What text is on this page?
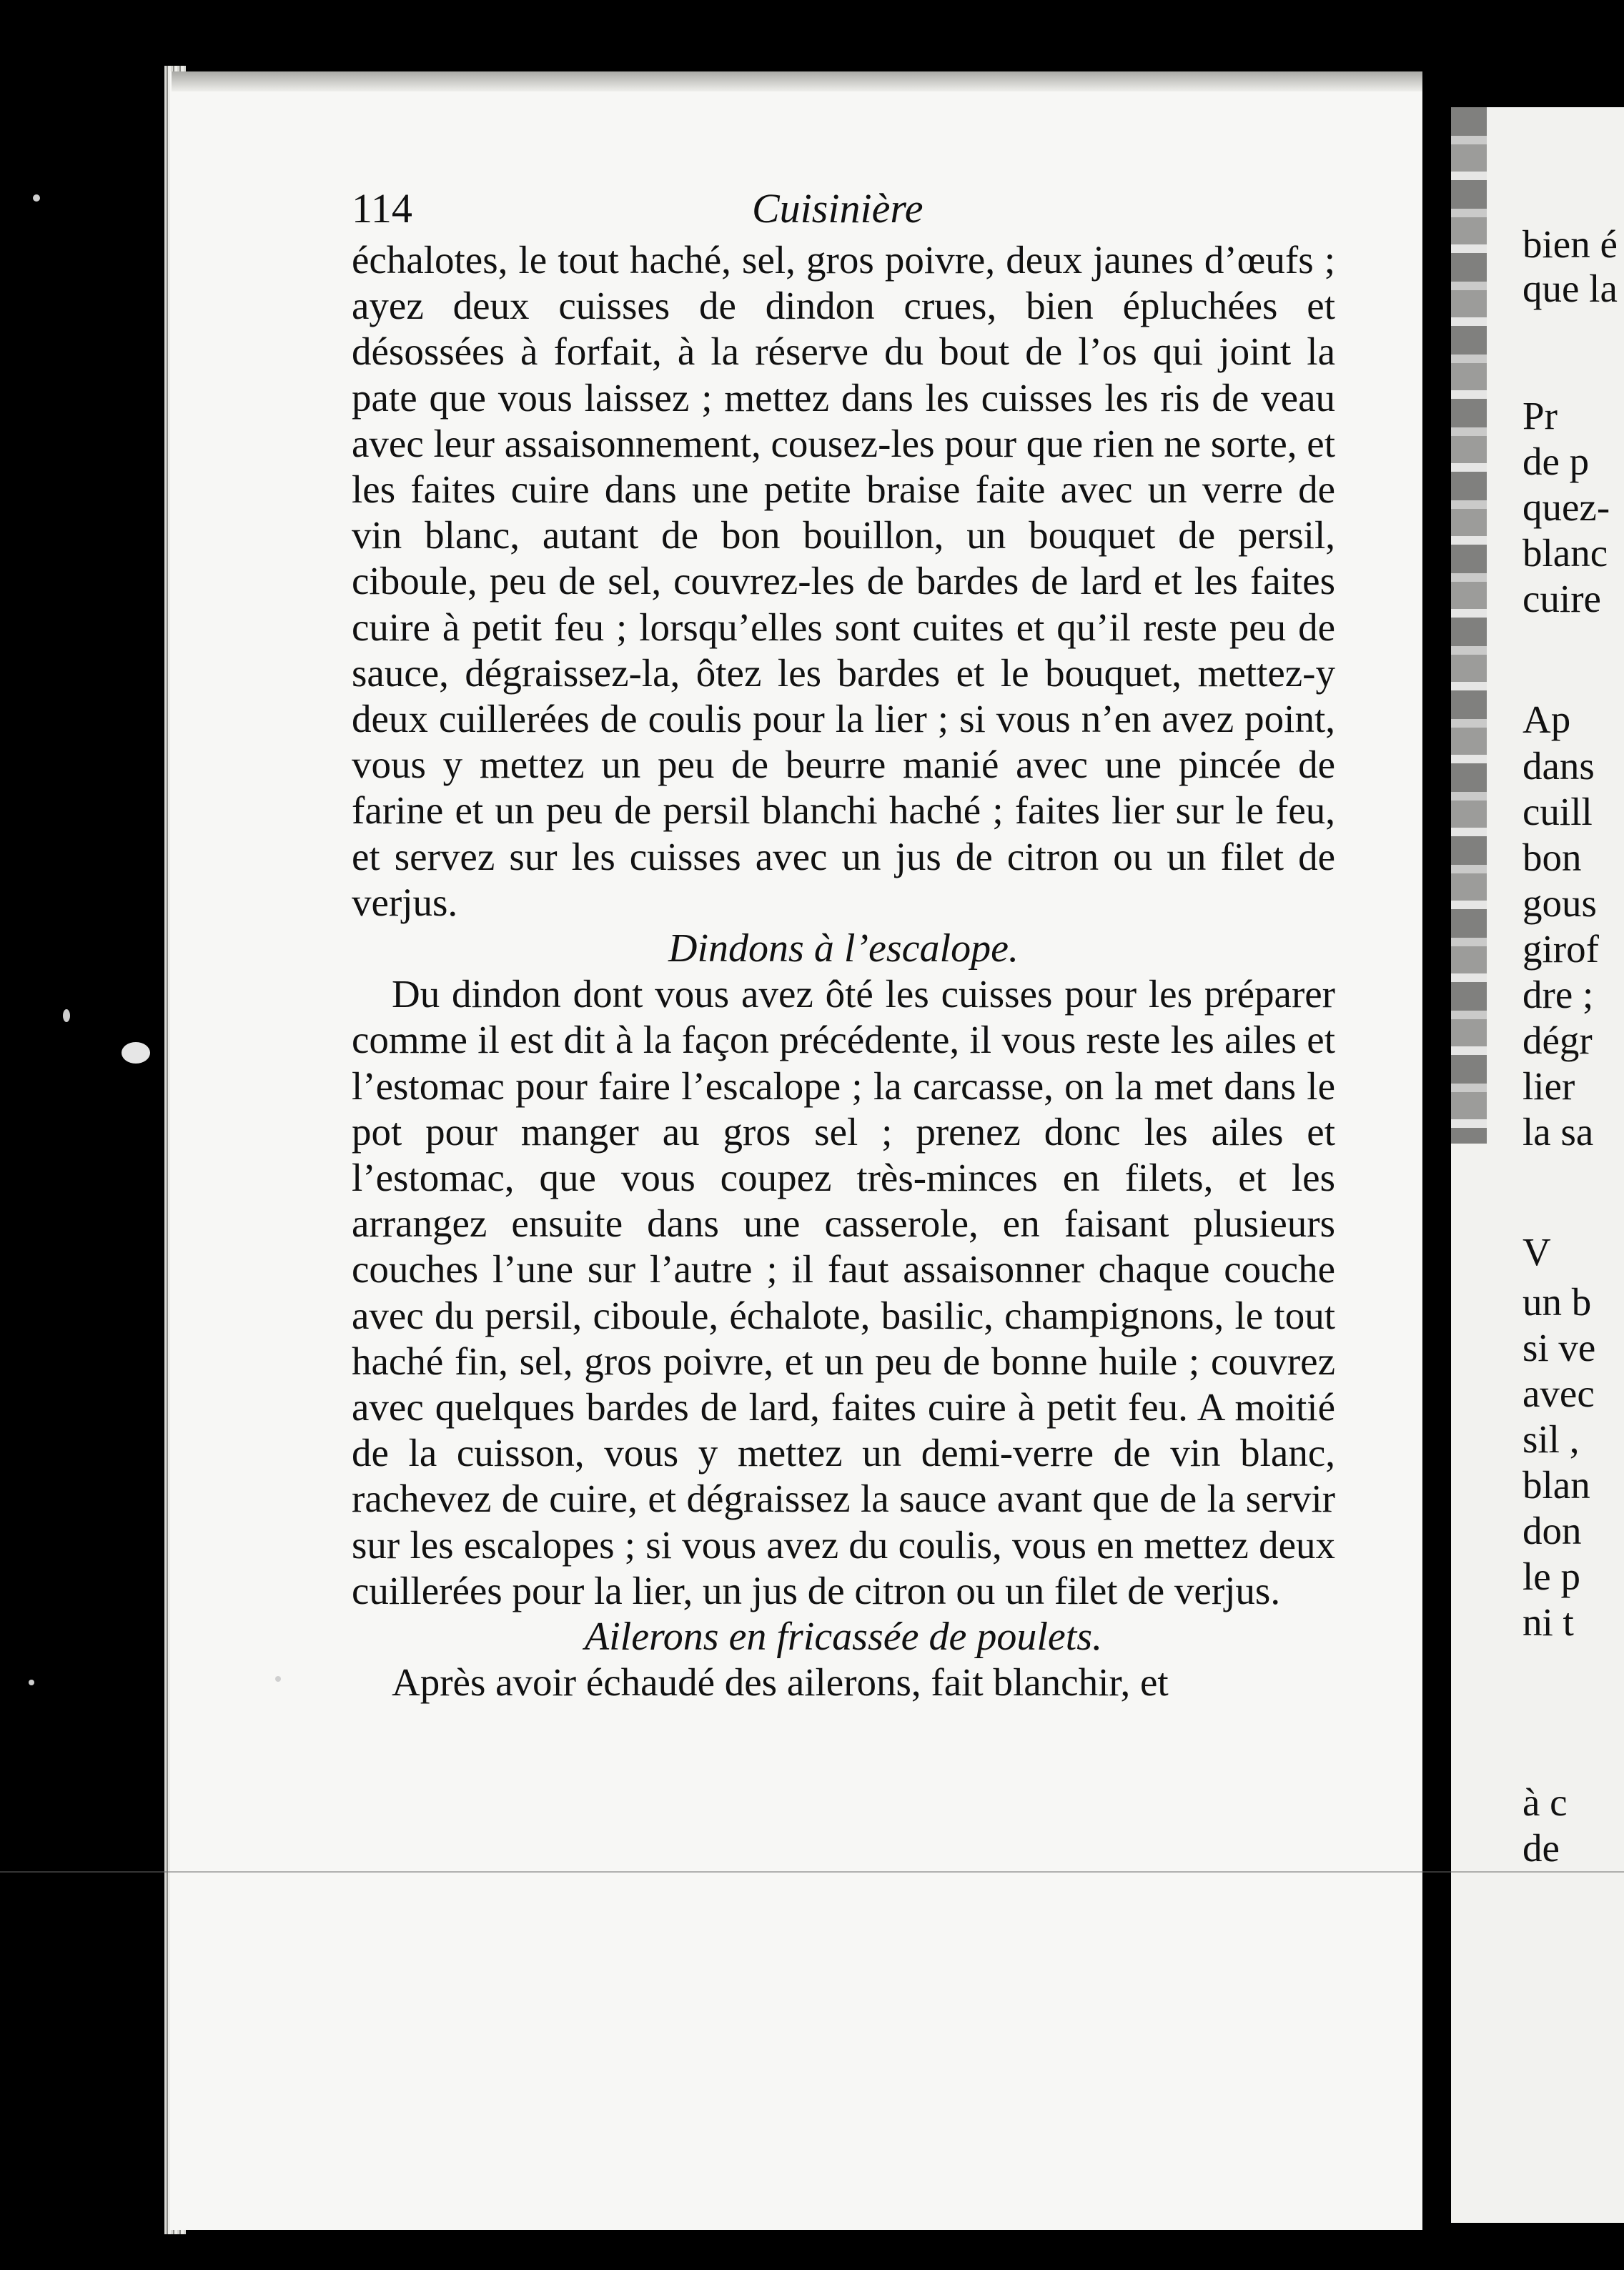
114	Cuisinière

échalotes, le tout haché, sel, gros poivre, deux jaunes d’œufs ; ayez deux cuisses de dindon crues, bien épluchées et désossées à forfait, à la réserve du bout de l’os qui joint la pate que vous laissez ; mettez dans les cuisses les ris de veau avec leur assaisonnement, cousez-les pour que rien ne sorte, et les faites cuire dans une petite braise faite avec un verre de vin blanc, autant de bon bouillon, un bouquet de persil, ciboule, peu de sel, couvrez-les de bardes de lard et les faites cuire à petit feu ; lorsqu’elles sont cuites et qu’il reste peu de sauce, dégraissez-la, ôtez les bardes et le bouquet, mettez-y deux cuillerées de coulis pour la lier ; si vous n’en avez point, vous y mettez un peu de beurre manié avec une pincée de farine et un peu de persil blanchi haché ; faites lier sur le feu, et servez sur les cuisses avec un jus de citron ou un filet de verjus.

Dindons à l’escalope.

Du dindon dont vous avez ôté les cuisses pour les préparer comme il est dit à la façon précédente, il vous reste les ailes et l’estomac pour faire l’escalope ; la carcasse, on la met dans le pot pour manger au gros sel ; prenez donc les ailes et l’estomac, que vous coupez très-minces en filets, et les arrangez ensuite dans une casserole, en faisant plusieurs couches l’une sur l’autre ; il faut assaisonner chaque couche avec du persil, ciboule, échalote, basilic, champignons, le tout haché fin, sel, gros poivre, et un peu de bonne huile ; couvrez avec quelques bardes de lard, faites cuire à petit feu. A moitié de la cuisson, vous y mettez un demi-verre de vin blanc, rachevez de cuire, et dégraissez la sauce avant que de la servir sur les escalopes ; si vous avez du coulis, vous en mettez deux cuillerées pour la lier, un jus de citron ou un filet de verjus.

Ailerons en fricassée de poulets.

Après avoir échaudé des ailerons, fait blanchir, et

bien é
que la
Pr
de p
quez-
blanc
cuire
Ap
dans
cuill
bon
gous
girof
dre ;
dégr
lier
la sa
V
un b
si ve
avec
sil ,
blan
don
le p
ni t
à c
de
